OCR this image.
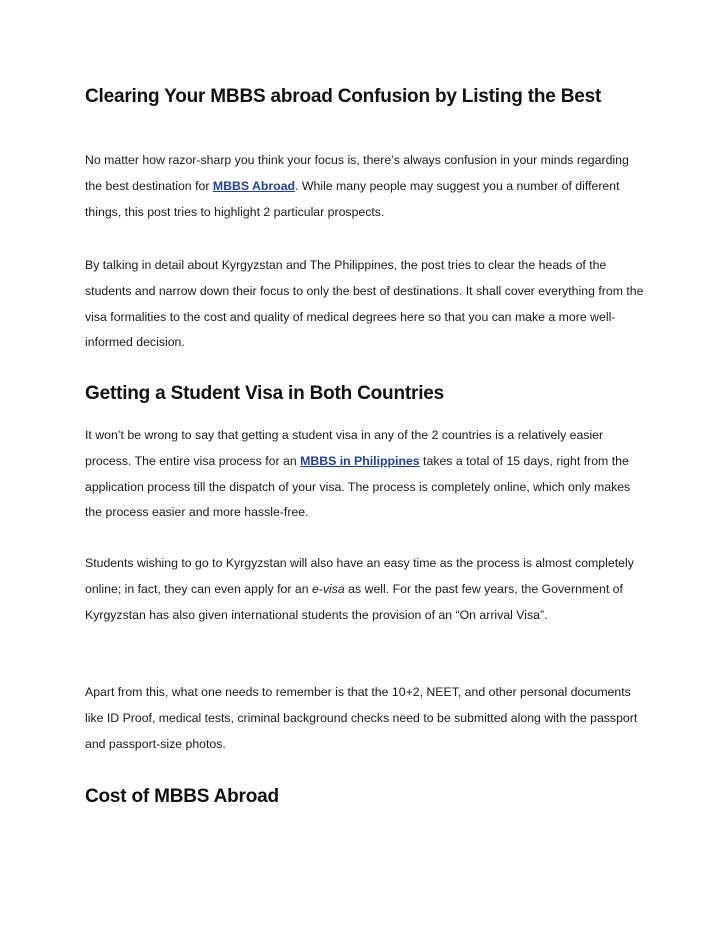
Clearing Your MBBS abroad Confusion by Listing the Best

No matter how razor-sharp you think your focus is, there’s always confusion in your minds regarding the best destination for MBBS Abroad. While many people may suggest you a number of different things, this post tries to highlight 2 particular prospects.

By talking in detail about Kyrgyzstan and The Philippines, the post tries to clear the heads of the students and narrow down their focus to only the best of destinations. It shall cover everything from the visa formalities to the cost and quality of medical degrees here so that you can make a more well-informed decision.

Getting a Student Visa in Both Countries

It won’t be wrong to say that getting a student visa in any of the 2 countries is a relatively easier process. The entire visa process for an MBBS in Philippines takes a total of 15 days, right from the application process till the dispatch of your visa. The process is completely online, which only makes the process easier and more hassle-free.

Students wishing to go to Kyrgyzstan will also have an easy time as the process is almost completely online; in fact, they can even apply for an e-visa as well. For the past few years, the Government of Kyrgyzstan has also given international students the provision of an “On arrival Visa”.

Apart from this, what one needs to remember is that the 10+2, NEET, and other personal documents like ID Proof, medical tests, criminal background checks need to be submitted along with the passport and passport-size photos.

Cost of MBBS Abroad
